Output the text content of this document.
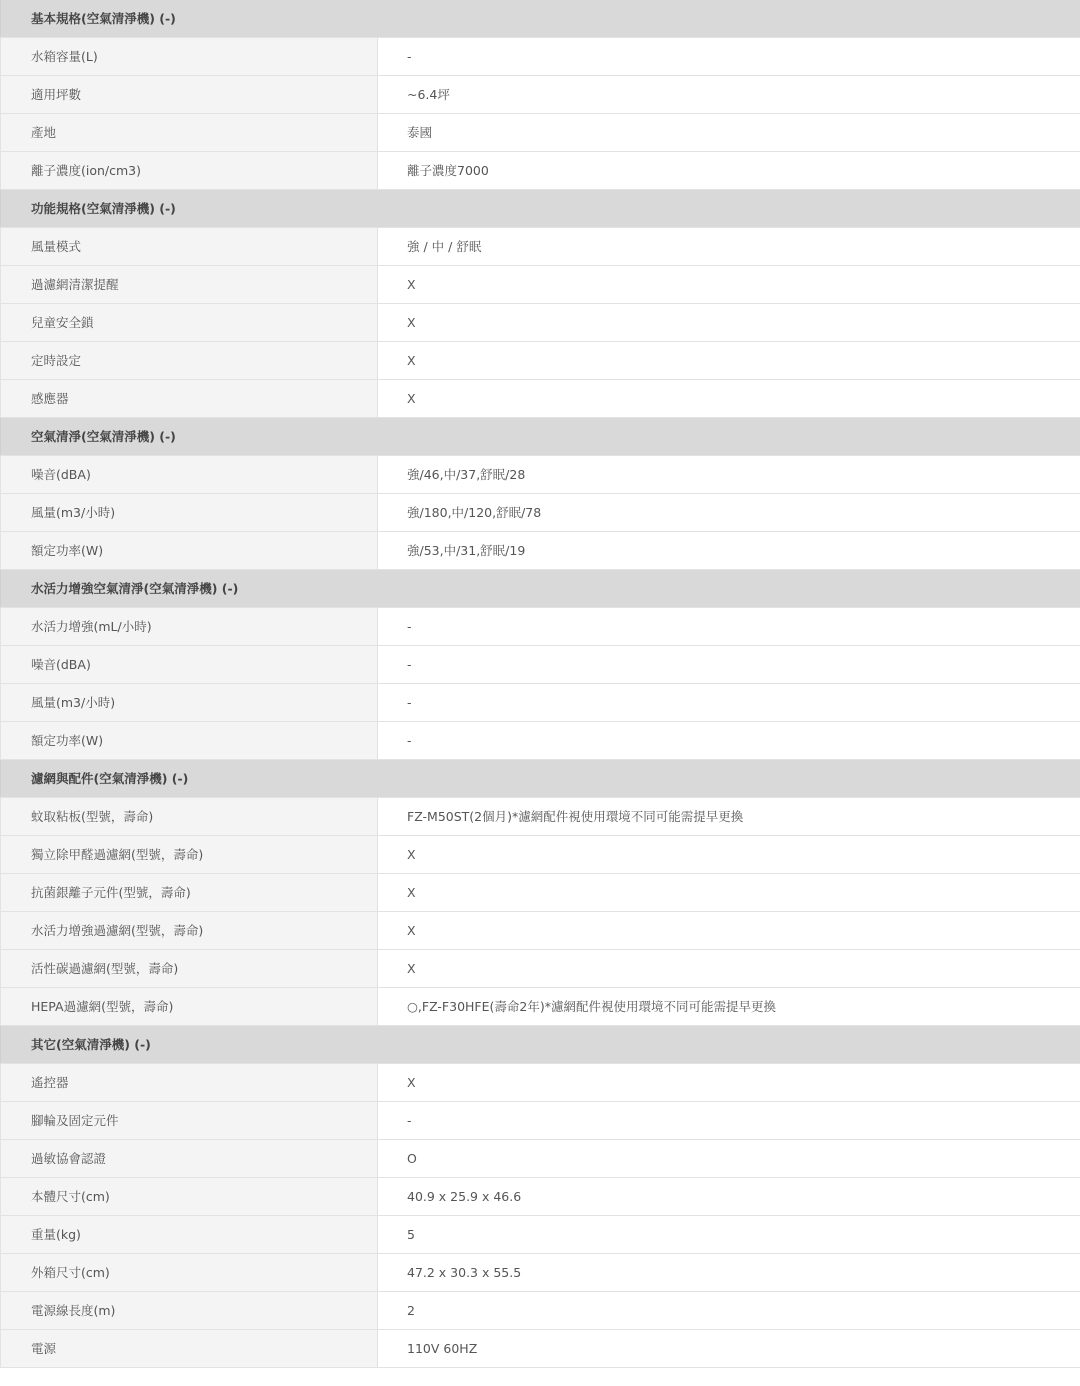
基本規格(空氣清淨機) (-)	
水箱容量(L)	-
適用坪數	~6.4坪
產地	泰國
離子濃度(ion/cm3)	離子濃度7000
功能規格(空氣清淨機) (-)	
風量模式	強 / 中 / 舒眠
過濾網清潔提醒	X
兒童安全鎖	X
定時設定	X
感應器	X
空氣清淨(空氣清淨機) (-)	
噪音(dBA)	強/46,中/37,舒眠/28
風量(m3/小時)	強/180,中/120,舒眠/78
額定功率(W)	強/53,中/31,舒眠/19
水活力增強空氣清淨(空氣清淨機) (-)	
水活力增強(mL/小時)	-
噪音(dBA)	-
風量(m3/小時)	-
額定功率(W)	-
濾網與配件(空氣清淨機) (-)	
蚊取粘板(型號，壽命)	FZ-M50ST(2個月)*濾網配件視使用環境不同可能需提早更換
獨立除甲醛過濾網(型號，壽命)	X
抗菌銀離子元件(型號，壽命)	X
水活力增強過濾網(型號，壽命)	X
活性碳過濾網(型號，壽命)	X
HEPA過濾網(型號，壽命)	○,FZ-F30HFE(壽命2年)*濾網配件視使用環境不同可能需提早更換
其它(空氣清淨機) (-)	
遙控器	X
腳輪及固定元件	-
過敏協會認證	O
本體尺寸(cm)	40.9 x 25.9 x 46.6
重量(kg)	5
外箱尺寸(cm)	47.2 x 30.3 x 55.5
電源線長度(m)	2
電源	110V 60HZ
